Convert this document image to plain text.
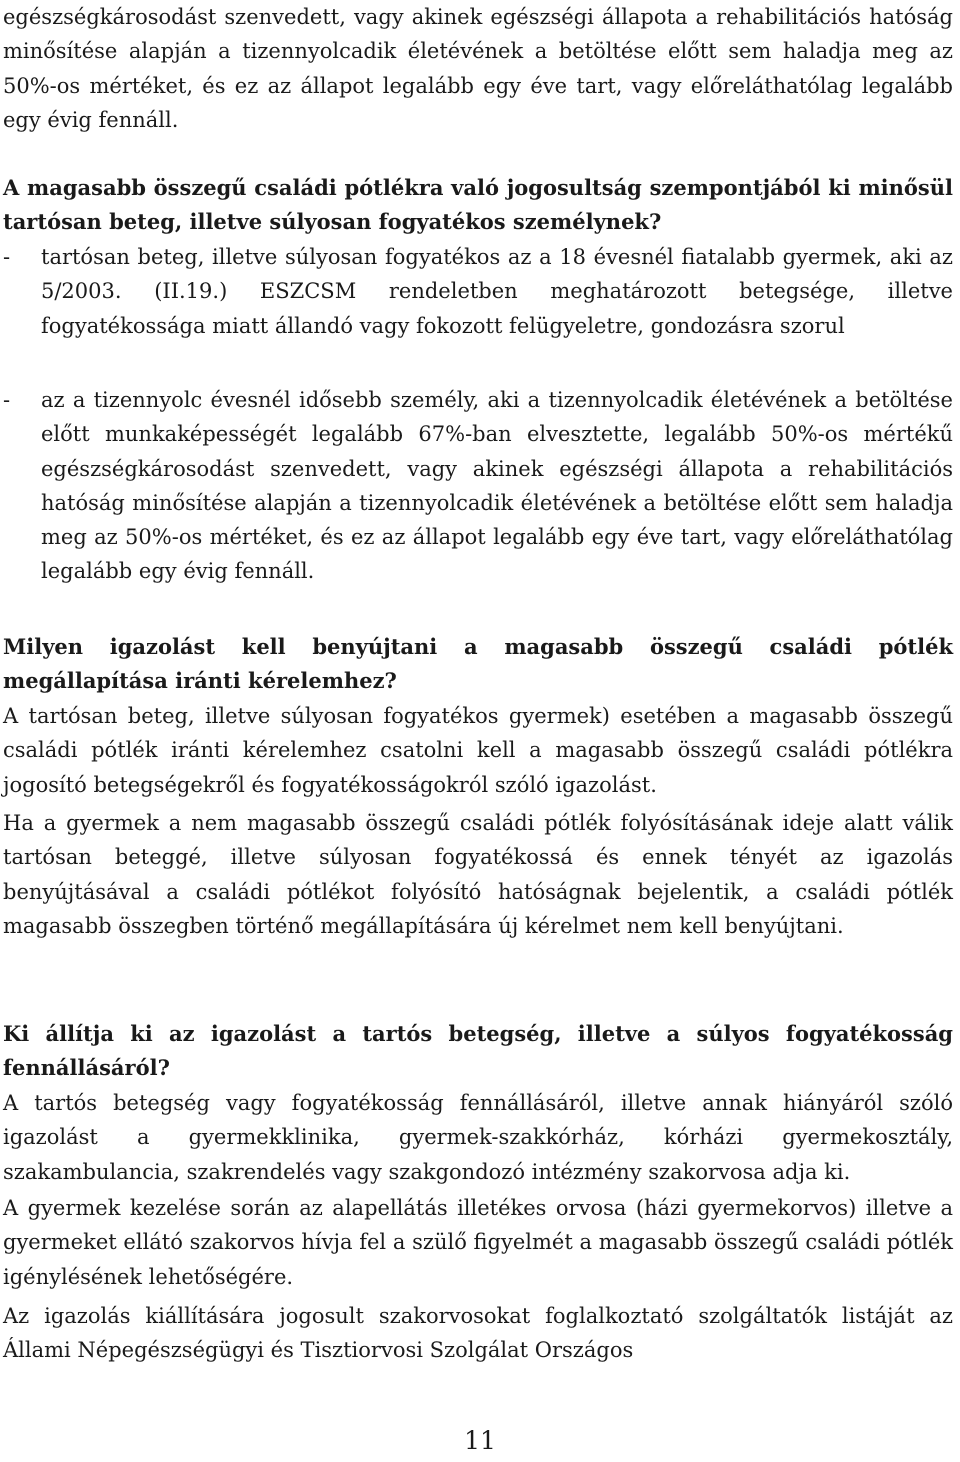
egészségkárosodást szenvedett, vagy akinek egészségi állapota a rehabilitációs hatóság minősítése alapján a tizennyolcadik életévének a betöltése előtt sem haladja meg az 50%-os mértéket, és ez az állapot legalább egy éve tart, vagy előreláthatólag legalább egy évig fennáll.

A magasabb összegű családi pótlékra való jogosultság szempontjából ki minősül tartósan beteg, illetve súlyosan fogyatékos személynek?

- tartósan beteg, illetve súlyosan fogyatékos az a 18 évesnél fiatalabb gyermek, aki az 5/2003. (II.19.) ESZCSM rendeletben meghatározott betegsége, illetve fogyatékossága miatt állandó vagy fokozott felügyeletre, gondozásra szorul

- az a tizennyolc évesnél idősebb személy, aki a tizennyolcadik életévének a betöltése előtt munkaképességét legalább 67%-ban elvesztette, legalább 50%-os mértékű egészségkárosodást szenvedett, vagy akinek egészségi állapota a rehabilitációs hatóság minősítése alapján a tizennyolcadik életévének a betöltése előtt sem haladja meg az 50%-os mértéket, és ez az állapot legalább egy éve tart, vagy előreláthatólag legalább egy évig fennáll.

Milyen igazolást kell benyújtani a magasabb összegű családi pótlék megállapítása iránti kérelemhez?

A tartósan beteg, illetve súlyosan fogyatékos gyermek) esetében a magasabb összegű családi pótlék iránti kérelemhez csatolni kell a magasabb összegű családi pótlékra jogosító betegségekről és fogyatékosságokról szóló igazolást.

Ha a gyermek a nem magasabb összegű családi pótlék folyósításának ideje alatt válik tartósan beteggé, illetve súlyosan fogyatékossá és ennek tényét az igazolás benyújtásával a családi pótlékot folyósító hatóságnak bejelentik, a családi pótlék magasabb összegben történő megállapítására új kérelmet nem kell benyújtani.

Ki állítja ki az igazolást a tartós betegség, illetve a súlyos fogyatékosság fennállásáról?

A tartós betegség vagy fogyatékosság fennállásáról, illetve annak hiányáról szóló igazolást a gyermekklinika, gyermek-szakkórház, kórházi gyermekosztály, szakambulancia, szakrendelés vagy szakgondozó intézmény szakorvosa adja ki.

A gyermek kezelése során az alapellátás illetékes orvosa (házi gyermekorvos) illetve a gyermeket ellátó szakorvos hívja fel a szülő figyelmét a magasabb összegű családi pótlék igénylésének lehetőségére.

Az igazolás kiállítására jogosult szakorvosokat foglalkoztató szolgáltatók listáját az Állami Népegészségügyi és Tisztiorvosi Szolgálat Országos

11
